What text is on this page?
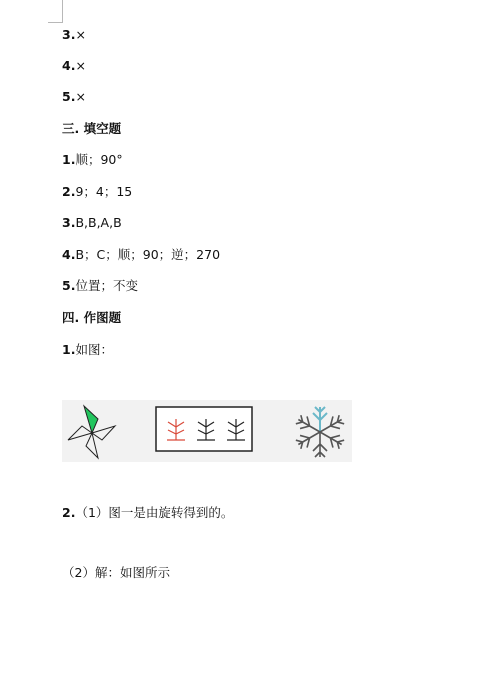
3.×
4.×
5.×
三. 填空题
1.顺；90°
2.9；4；15
3.B,B,A,B
4.B；C；顺；90；逆；270
5.位置；不变
四. 作图题
1.如图：
2.（1）图一是由旋转得到的。
（2）解：如图所示
